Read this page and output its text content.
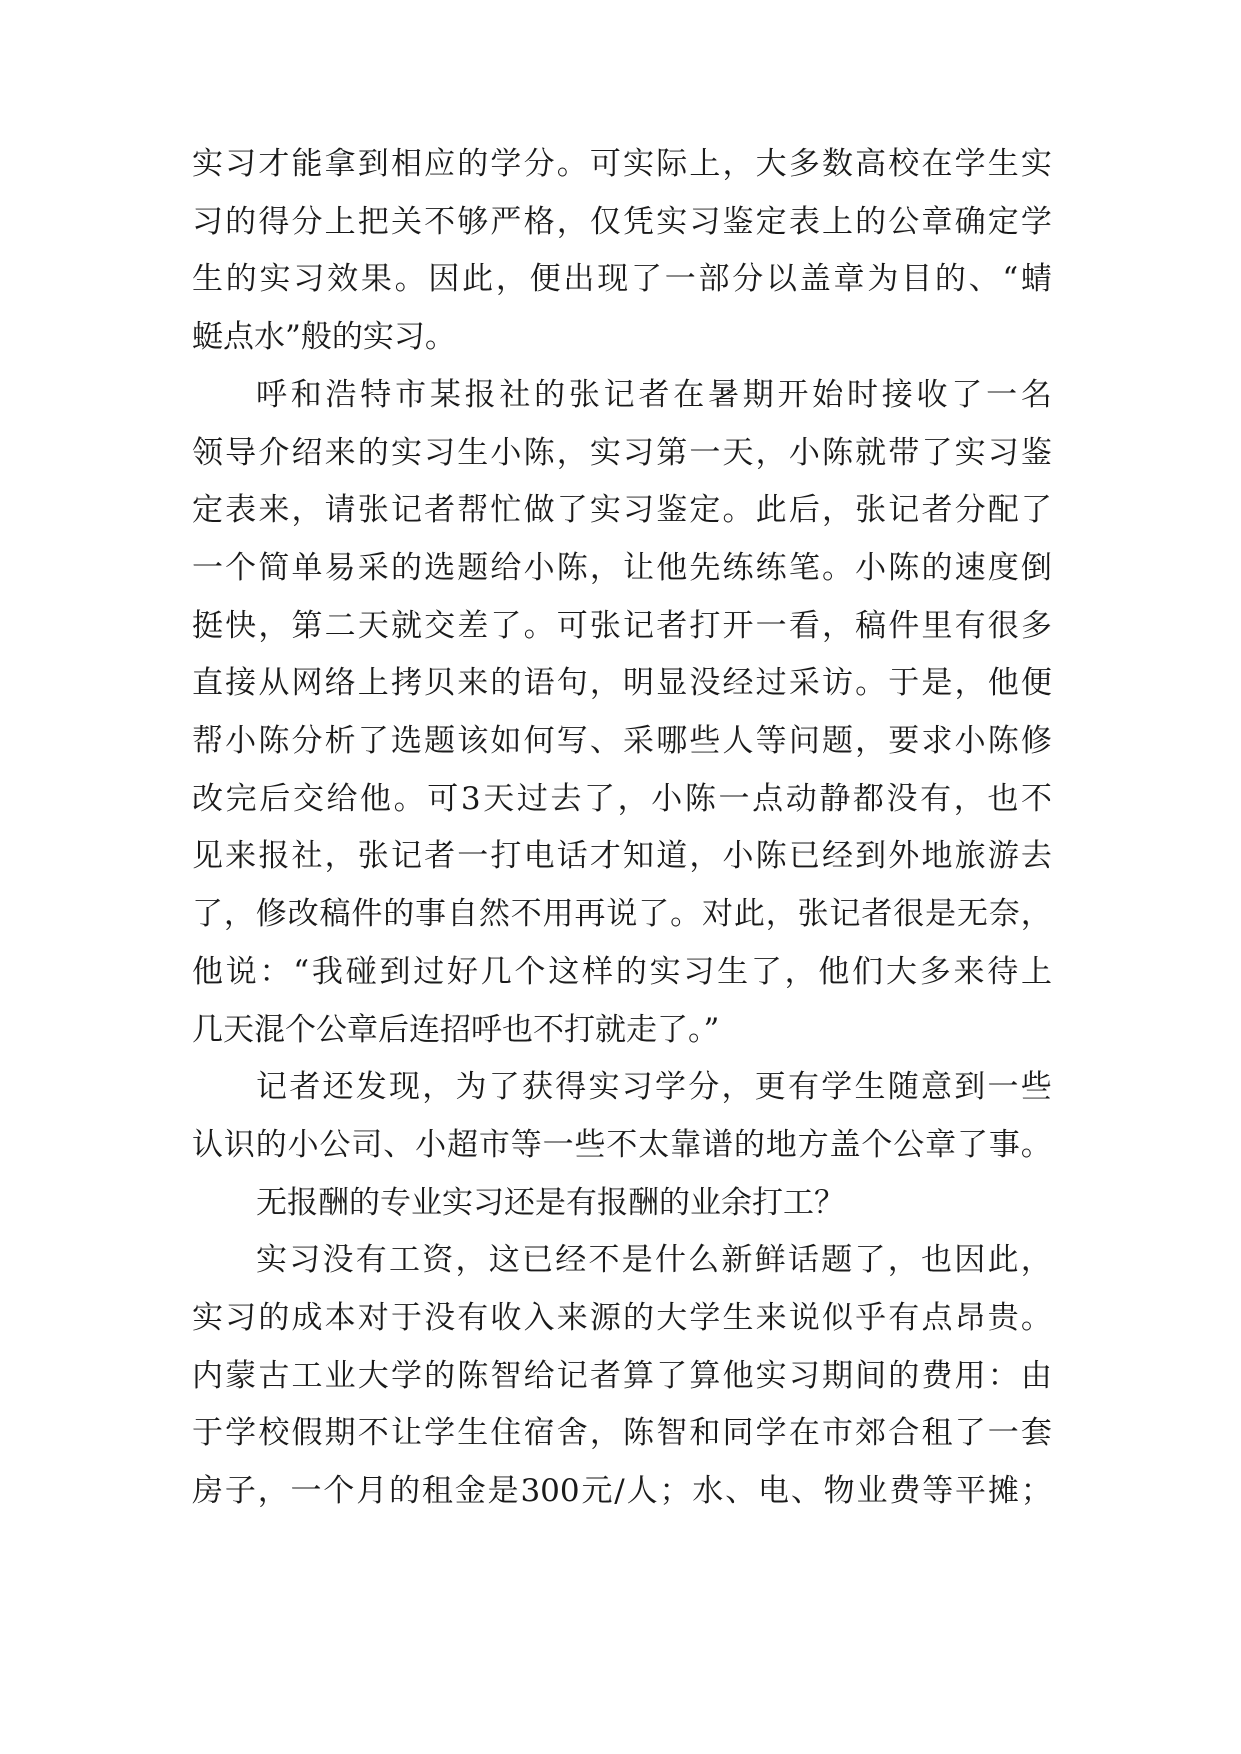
实 习 才 能 拿 到 相 应 的 学 分 。 可 实 际 上 ， 大 多 数 高 校 在 学 生 实
习 的 得 分 上 把 关 不 够 严 格 ， 仅 凭 实 习 鉴 定 表 上 的 公 章 确 定 学
生 的 实 习 效 果 。 因 此 ， 便 出 现 了 一 部 分 以 盖 章 为 目 的 、 “ 蜻
蜓点水”般的实习。
呼 和 浩 特 市 某 报 社 的 张 记 者 在 暑 期 开 始 时 接 收 了 一 名
领 导 介 绍 来 的 实 习 生 小 陈 ， 实 习 第 一 天 ， 小 陈 就 带 了 实 习 鉴
定 表 来 ， 请 张 记 者 帮 忙 做 了 实 习 鉴 定 。 此 后 ， 张 记 者 分 配 了
一 个 简 单 易 采 的 选 题 给 小 陈 ， 让 他 先 练 练 笔 。 小 陈 的 速 度 倒
挺 快 ， 第 二 天 就 交 差 了 。 可 张 记 者 打 开 一 看 ， 稿 件 里 有 很 多
直 接 从 网 络 上 拷 贝 来 的 语 句 ， 明 显 没 经 过 采 访 。 于 是 ， 他 便
帮 小 陈 分 析 了 选 题 该 如 何 写 、 采 哪 些 人 等 问 题 ， 要 求 小 陈 修
改 完 后 交 给 他 。 可 3 天 过 去 了 ， 小 陈 一 点 动 静 都 没 有 ， 也 不
见 来 报 社 ， 张 记 者 一 打 电 话 才 知 道 ， 小 陈 已 经 到 外 地 旅 游 去
了 ， 修 改 稿 件 的 事 自 然 不 用 再 说 了 。 对 此 ， 张 记 者 很 是 无 奈 ，
他 说 ： “ 我 碰 到 过 好 几 个 这 样 的 实 习 生 了 ， 他 们 大 多 来 待 上
几天混个公章后连招呼也不打就走了。”
记 者 还 发 现 ， 为 了 获 得 实 习 学 分 ， 更 有 学 生 随 意 到 一 些
认 识 的 小 公 司 、 小 超 市 等 一 些 不 太 靠 谱 的 地 方 盖 个 公 章 了 事 。
无报酬的专业实习还是有报酬的业余打工？
实 习 没 有 工 资 ， 这 已 经 不 是 什 么 新 鲜 话 题 了 ， 也 因 此 ，
实 习 的 成 本 对 于 没 有 收 入 来 源 的 大 学 生 来 说 似 乎 有 点 昂 贵 。
内 蒙 古 工 业 大 学 的 陈 智 给 记 者 算 了 算 他 实 习 期 间 的 费 用 ： 由
于 学 校 假 期 不 让 学 生 住 宿 舍 ， 陈 智 和 同 学 在 市 郊 合 租 了 一 套
房 子 ， 一 个 月 的 租 金 是 300 元 / 人 ； 水 、 电 、 物 业 费 等 平 摊 ；
